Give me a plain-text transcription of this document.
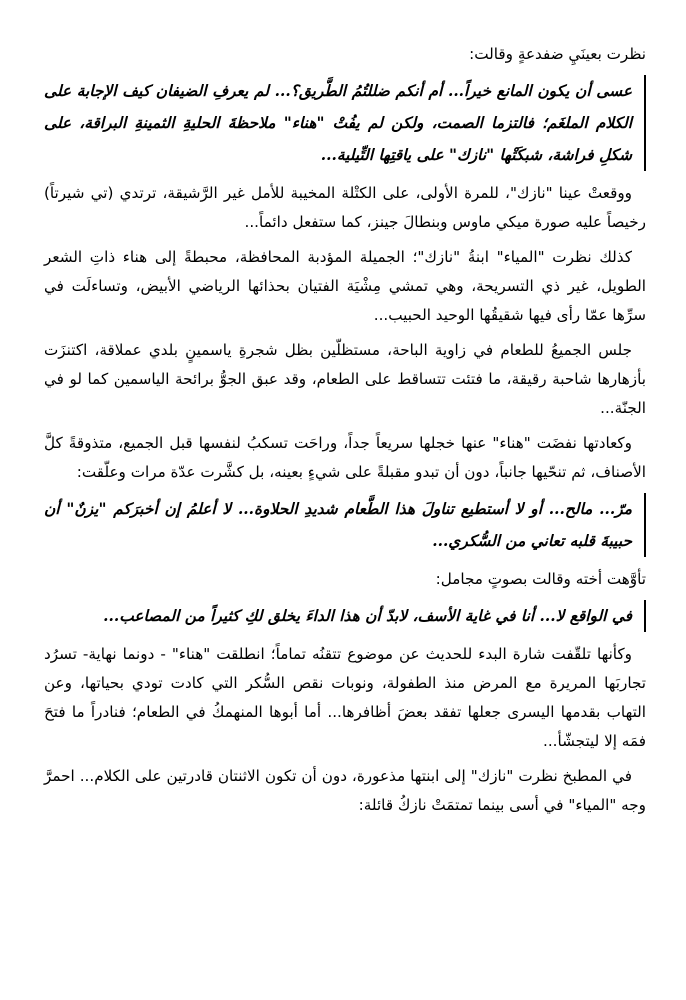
نظرت بعينَيِ ضفدعةٍ وقالت:

عسى أن يكون المانع خيراً... أم أنكم ضللتُمُ الطَّريق؟... لم يعرفِ الضيفان كيف الإجابة على الكلام الملغَم؛ فالتزما الصمت، ولكن لم يفُتْ "هناء" ملاحظةَ الحليةِ الثمينةِ البراقة، على شكلِ فراشة، شبكَتْها "نازك" على ياقتِها التِّيلية...

ووقعتْ عينا "نازك"، للمرة الأولى، على الكتْلة المخيبة للأمل غير الرَّشيقة، ترتدي (تي شيرتاً) رخيصاً عليه صورة ميكي ماوس وبنطالَ جينز، كما ستفعل دائماً...

كذلك نظرت "المياء" ابنةُ "نازك"؛ الجميلة المؤدبة المحافظة، محبطةً إلى هناء ذاتِ الشعر الطويل، غير ذي التسريحة، وهي تمشي مِشْيَة الفتيان بحذائها الرياضي الأبيض، وتساءلَت في سرِّها عمّا رأى فيها شقيقُها الوحيد الحبيب...

جلس الجميعُ للطعام في زاوية الباحة، مستظلّين بظل شجرةِ ياسمينٍ بلدي عملاقة، اكتنزَت بأزهارها شاحبة رقيقة، ما فتئت تتساقط على الطعام، وقد عبق الجوُّ برائحة الياسمين كما لو في الجنّة...

وكعادتها نفضَت "هناء" عنها خجلها سريعاً جداً، وراحَت تسكبُ لنفسها قبل الجميع، متذوقةً كلَّ الأصناف، ثم تنحّيها جانباً، دون أن تبدو مقبلةً على شيءٍ بعينه، بل كشَّرت عدّة مرات وعلّقت:

مرّ... مالح... أو لا أستطيع تناولَ هذا الطَّعام شديدِ الحلاوة... لا أعلمُ إن أخبرَكم "يزنٌ" أن حبيبةَ قلبه تعاني من السُّكري...

تأوَّهت أخته وقالت بصوتٍ مجامل:

في الواقع لا... أنا في غاية الأسف، لابدّ أن هذا الداءَ يخلق لكِ كثيراً من المصاعب...

وكأنها تلقّفت شارة البدء للحديث عن موضوع تتقنُه تماماً؛ انطلقت "هناء" - دونما نهاية- تسرُد تجاربَها المريرة مع المرض منذ الطفولة، ونوبات نقص السُّكر التي كادت تودي بحياتها، وعن التهاب بقدمها اليسرى جعلها تفقد بعضَ أظافرها... أما أبوها المنهمكُ في الطعام؛ فنادراً ما فتحَ فمَه إلا ليتجشّأ...

في المطبخ نظرت "نازك" إلى ابنتها مذعورة، دون أن تكون الاثنتان قادرتين على الكلام... احمرَّ وجه "المياء" في أسى بينما تمتمَتْ نازكُ قائلة:
